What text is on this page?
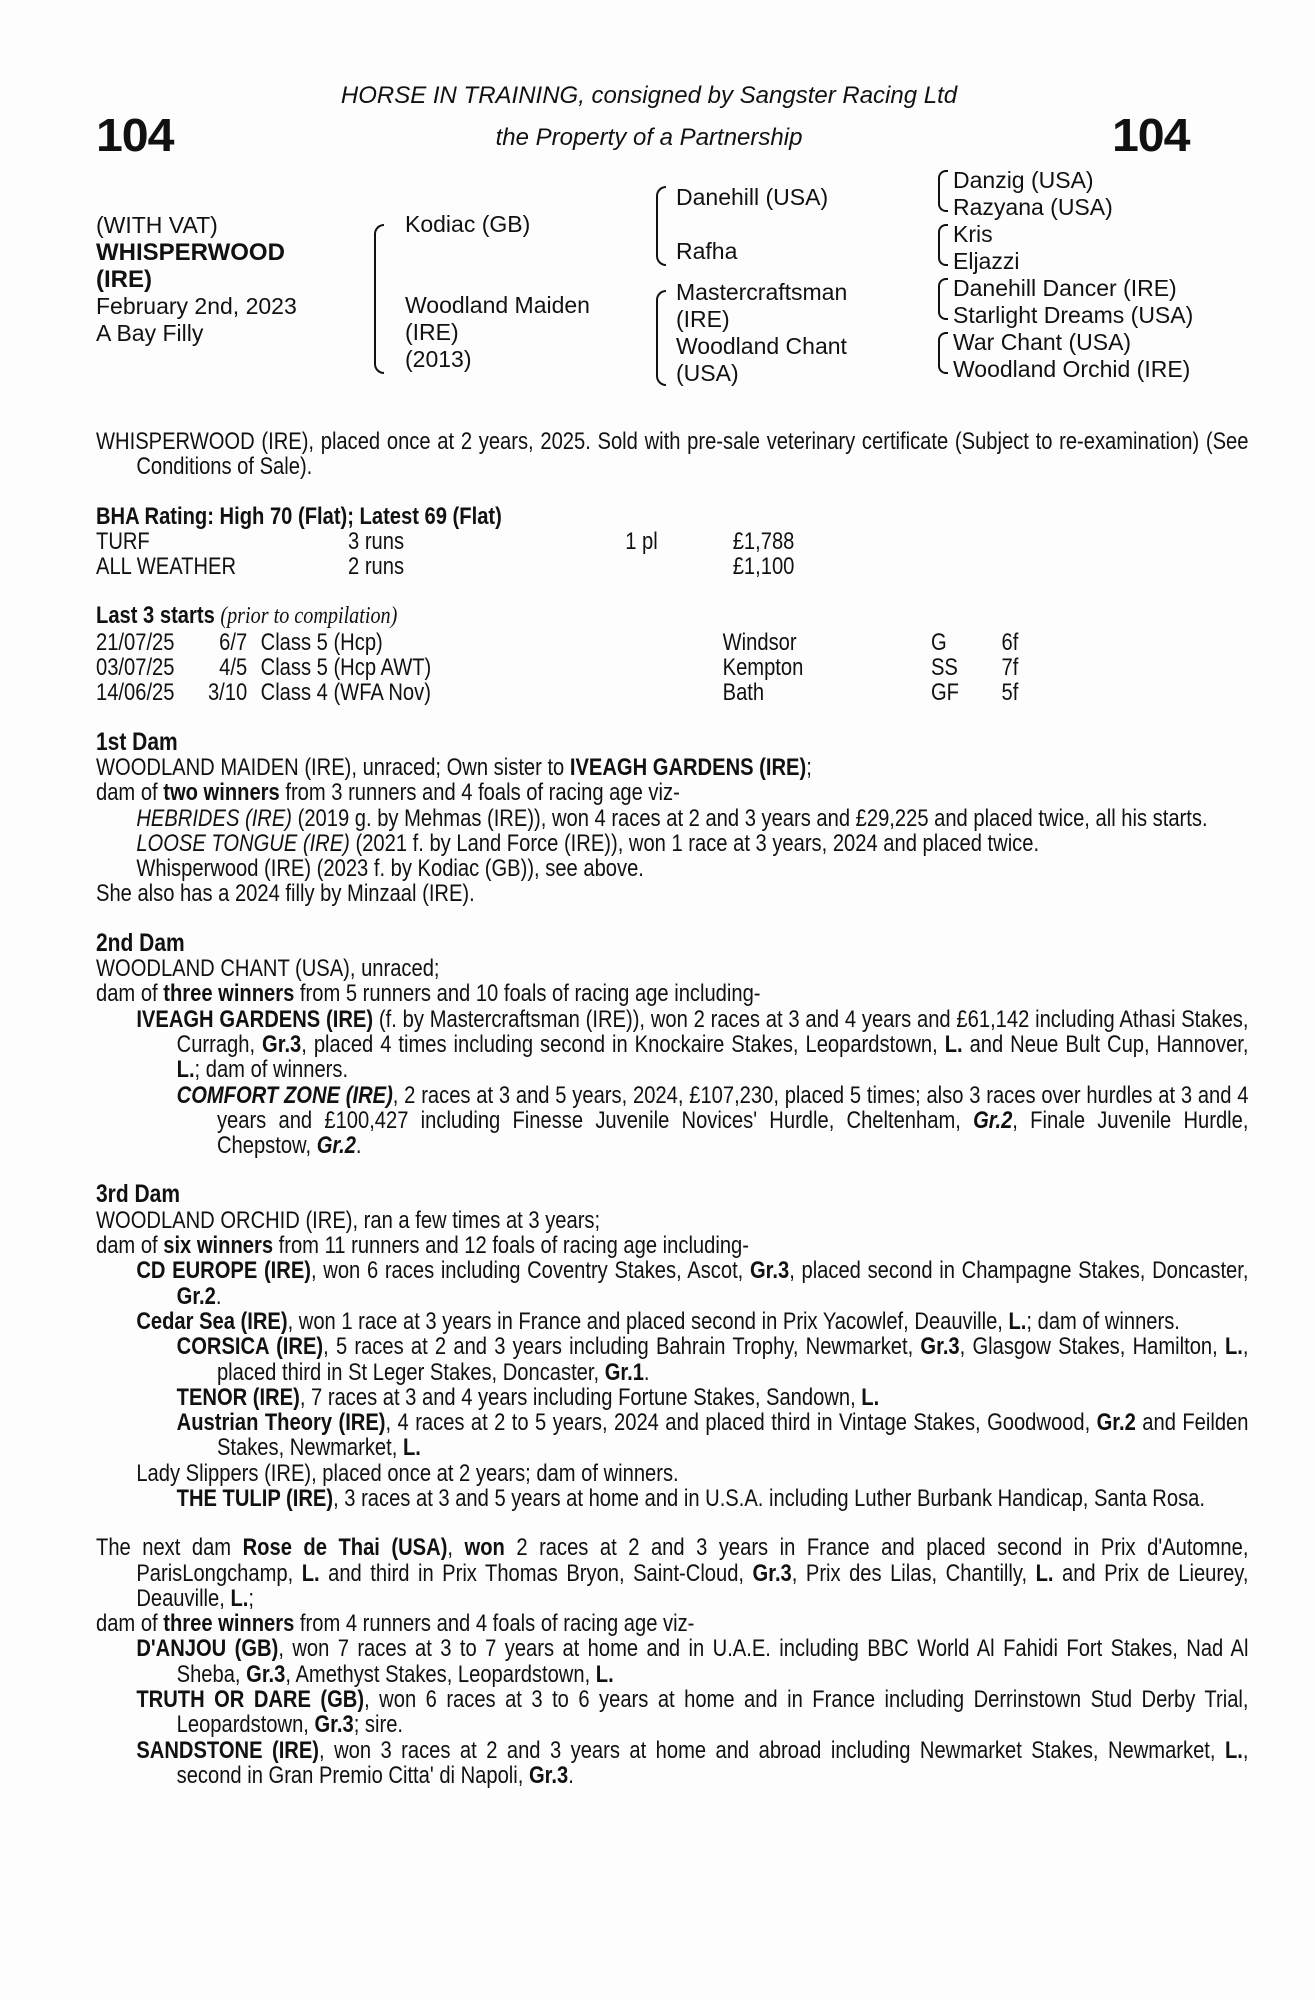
104	104
HORSE IN TRAINING, consigned by Sangster Racing Ltd
the Property of a Partnership
(WITH VAT)
WHISPERWOOD
(IRE)
February 2nd, 2023
A Bay Filly
Kodiac (GB)
Woodland Maiden
(IRE)
(2013)
Danehill (USA)
Rafha
Mastercraftsman
(IRE)
Woodland Chant
(USA)
Danzig (USA)
Razyana (USA)
Kris
Eljazzi
Danehill Dancer (IRE)
Starlight Dreams (USA)
War Chant (USA)
Woodland Orchid (IRE)

WHISPERWOOD (IRE), placed once at 2 years, 2025. Sold with pre-sale veterinary certificate (Subject to re-examination) (See Conditions of Sale).

BHA Rating: High 70 (Flat); Latest 69 (Flat)
TURF	3 runs	1 pl	£1,788
ALL WEATHER	2 runs		£1,100
Last 3 starts (prior to compilation)
21/07/25	6/7	Class 5 (Hcp)	Windsor	G	6f
03/07/25	4/5	Class 5 (Hcp AWT)	Kempton	SS	7f
14/06/25	3/10	Class 4 (WFA Nov)	Bath	GF	5f
1st Dam

WOODLAND MAIDEN (IRE), unraced; Own sister to IVEAGH GARDENS (IRE);

dam of two winners from 3 runners and 4 foals of racing age viz-

HEBRIDES (IRE) (2019 g. by Mehmas (IRE)), won 4 races at 2 and 3 years and £29,225 and placed twice, all his starts.

LOOSE TONGUE (IRE) (2021 f. by Land Force (IRE)), won 1 race at 3 years, 2024 and placed twice.

Whisperwood (IRE) (2023 f. by Kodiac (GB)), see above.

She also has a 2024 filly by Minzaal (IRE).

2nd Dam

WOODLAND CHANT (USA), unraced;

dam of three winners from 5 runners and 10 foals of racing age including-

IVEAGH GARDENS (IRE) (f. by Mastercraftsman (IRE)), won 2 races at 3 and 4 years and £61,142 including Athasi Stakes, Curragh, Gr.3, placed 4 times including second in Knockaire Stakes, Leopardstown, L. and Neue Bult Cup, Hannover, L.; dam of winners.

COMFORT ZONE (IRE), 2 races at 3 and 5 years, 2024, £107,230, placed 5 times; also 3 races over hurdles at 3 and 4 years and £100,427 including Finesse Juvenile Novices' Hurdle, Cheltenham, Gr.2, Finale Juvenile Hurdle, Chepstow, Gr.2.

3rd Dam

WOODLAND ORCHID (IRE), ran a few times at 3 years;

dam of six winners from 11 runners and 12 foals of racing age including-

CD EUROPE (IRE), won 6 races including Coventry Stakes, Ascot, Gr.3, placed second in Champagne Stakes, Doncaster, Gr.2.

Cedar Sea (IRE), won 1 race at 3 years in France and placed second in Prix Yacowlef, Deauville, L.; dam of winners.

CORSICA (IRE), 5 races at 2 and 3 years including Bahrain Trophy, Newmarket, Gr.3, Glasgow Stakes, Hamilton, L., placed third in St Leger Stakes, Doncaster, Gr.1.

TENOR (IRE), 7 races at 3 and 4 years including Fortune Stakes, Sandown, L.

Austrian Theory (IRE), 4 races at 2 to 5 years, 2024 and placed third in Vintage Stakes, Goodwood, Gr.2 and Feilden Stakes, Newmarket, L.

Lady Slippers (IRE), placed once at 2 years; dam of winners.

THE TULIP (IRE), 3 races at 3 and 5 years at home and in U.S.A. including Luther Burbank Handicap, Santa Rosa.

The next dam Rose de Thai (USA), won 2 races at 2 and 3 years in France and placed second in Prix d'Automne, ParisLongchamp, L. and third in Prix Thomas Bryon, Saint-Cloud, Gr.3, Prix des Lilas, Chantilly, L. and Prix de Lieurey, Deauville, L.;

dam of three winners from 4 runners and 4 foals of racing age viz-

D'ANJOU (GB), won 7 races at 3 to 7 years at home and in U.A.E. including BBC World Al Fahidi Fort Stakes, Nad Al Sheba, Gr.3, Amethyst Stakes, Leopardstown, L.

TRUTH OR DARE (GB), won 6 races at 3 to 6 years at home and in France including Derrinstown Stud Derby Trial, Leopardstown, Gr.3; sire.

SANDSTONE (IRE), won 3 races at 2 and 3 years at home and abroad including Newmarket Stakes, Newmarket, L., second in Gran Premio Citta' di Napoli, Gr.3.
